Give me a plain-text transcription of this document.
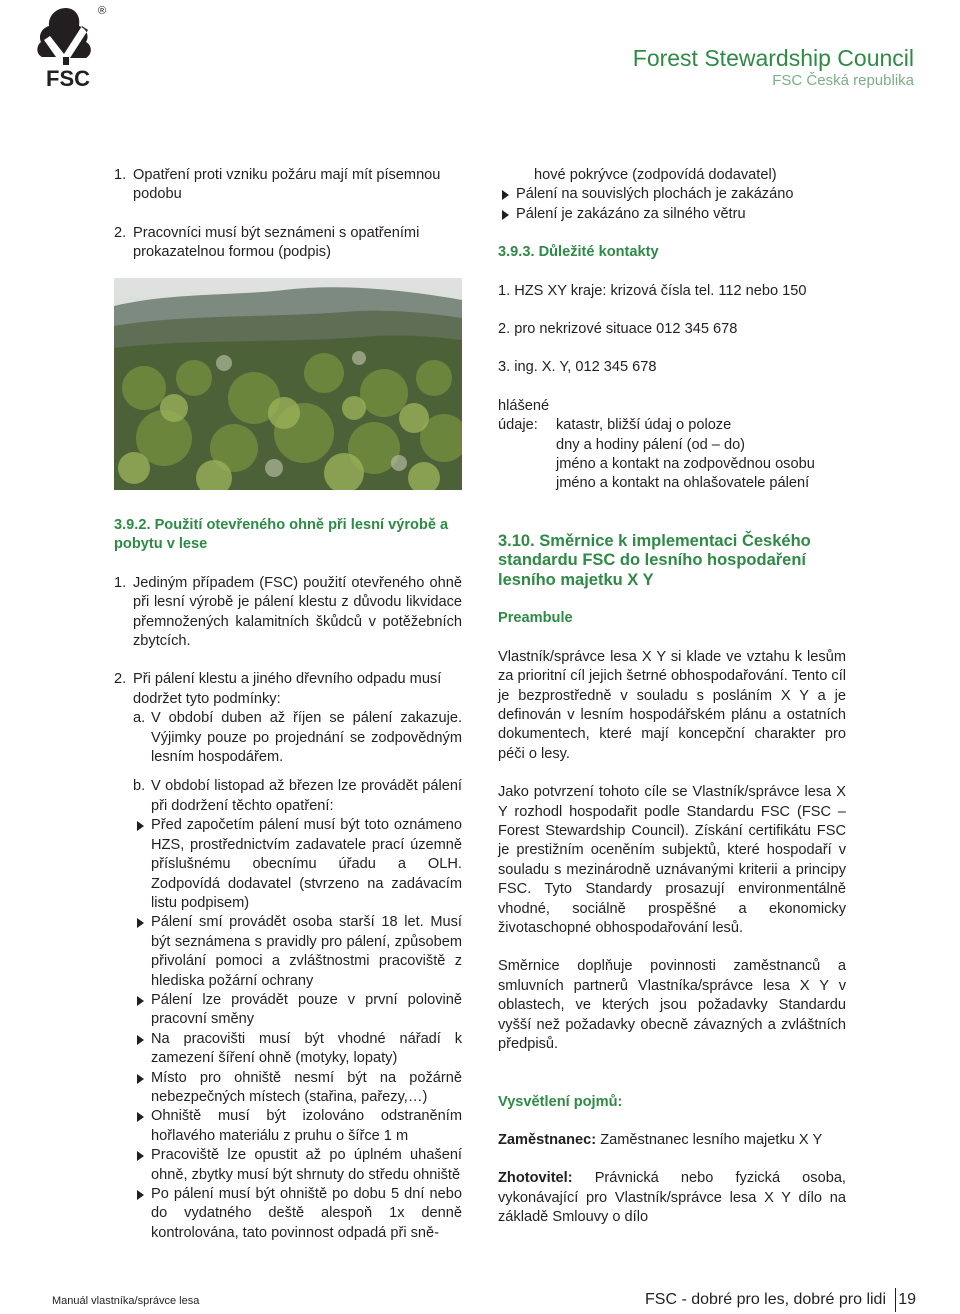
FSC
®
Forest Stewardship Council
FSC Česká republika
1. Opatření proti vzniku požáru mají mít písemnou podobu
2. Pracovníci musí být seznámeni s opatřeními prokazatelnou formou (podpis)

3.9.2. Použití otevřeného ohně při lesní výrobě a pobytu v lese

1. Jediným případem (FSC) použití otevřeného ohně při lesní výrobě je pálení klestu z důvodu likvidace přemnožených kalamitních škůdců v potěžebních zbytcích.
2. Při pálení klestu a jiného dřevního odpadu musí dodržet tyto podmínky:
a. V období duben až říjen se pálení zakazuje. Výjimky pouze po projednání se zodpovědným lesním hospodářem.
b. V období listopad až březen lze provádět pálení při dodržení těchto opatření:
Před započetím pálení musí být toto oznámeno HZS, prostřednictvím zadavatele prací územně příslušnému obecnímu úřadu a OLH. Zodpovídá dodavatel (stvrzeno na zadávacím listu podpisem)
Pálení smí provádět osoba starší 18 let. Musí být seznámena s pravidly pro pálení, způsobem přivolání pomoci a zvláštnostmi pracoviště z hlediska požární ochrany
Pálení lze provádět pouze v první polovině pracovní směny
Na pracovišti musí být vhodné nářadí k zamezení šíření ohně (motyky, lopaty)
Místo pro ohniště nesmí být na požárně nebezpečných místech (stařina, pařezy,…)
Ohniště musí být izolováno odstraněním hořlavého materiálu z pruhu o šířce 1 m
Pracoviště lze opustit až po úplném uhašení ohně, zbytky musí být shrnuty do středu ohniště
Po pálení musí být ohniště po dobu 5 dní nebo do vydatného deště alespoň 1x denně kontrolována, tato povinnost odpadá při sně-

hové pokrývce (zodpovídá dodavatel)

Pálení na souvislých plochách je zakázáno
Pálení je zakázáno za silného větru

3.9.3. Důležité kontakty

1. HZS XY kraje: krizová čísla tel. 112 nebo 150

2. pro nekrizové situace 012 345 678

3. ing. X. Y, 012 345 678

hlášené

údaje:	katastr, bližší údaj o poloze
dny a hodiny pálení (od – do)
jméno a kontakt na zodpovědnou osobu
jméno a kontakt na ohlašovatele pálení

3.10. Směrnice k implementaci Českého standardu FSC do lesního hospodaření lesního majetku X Y

Preambule

Vlastník/správce lesa X Y si klade ve vztahu k lesům za prioritní cíl jejich šetrné obhospodařování. Tento cíl je bezprostředně v souladu s posláním X Y a je definován v lesním hospodářském plánu a ostatních dokumentech, které mají koncepční charakter pro péči o lesy.

Jako potvrzení tohoto cíle se Vlastník/správce lesa X Y rozhodl hospodařit podle Standardu FSC (FSC – Forest Stewardship Council). Získání certifikátu FSC je prestižním oceněním subjektů, které hospodaří v souladu s mezinárodně uznávanými kriterii a principy FSC. Tyto Standardy prosazují environmentálně vhodné, sociálně prospěšné a ekonomicky životaschopné obhospodařování lesů.

Směrnice doplňuje povinnosti zaměstnanců a smluvních partnerů Vlastníka/správce lesa X Y v oblastech, ve kterých jsou požadavky Standardu vyšší než požadavky obecně závazných a zvláštních předpisů.

Vysvětlení pojmů:

Zaměstnanec: Zaměstnanec lesního majetku X Y

Zhotovitel: Právnická nebo fyzická osoba, vykonávající pro Vlastník/správce lesa X Y dílo na základě Smlouvy o dílo

Manuál vlastníka/správce lesa	FSC - dobré pro les, dobré pro lidi 19
